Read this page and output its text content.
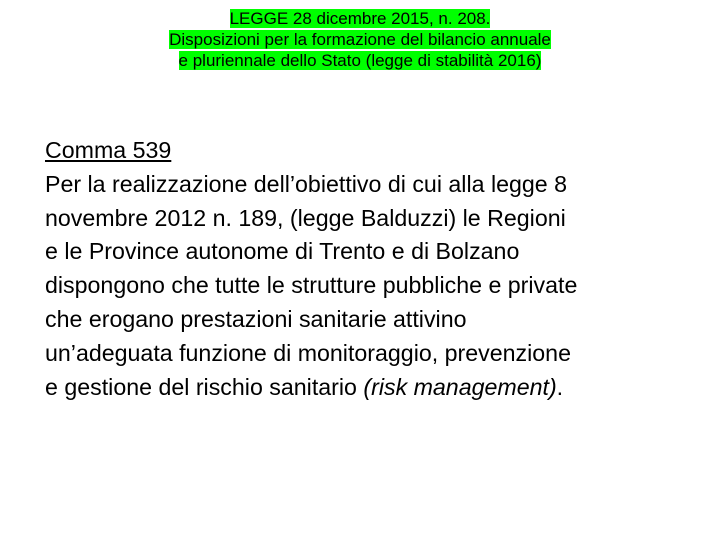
LEGGE 28 dicembre 2015, n. 208.
Disposizioni per la formazione del bilancio annuale
e pluriennale dello Stato (legge di stabilità 2016)
Comma 539
Per la realizzazione dell’obiettivo di cui alla legge 8
novembre 2012 n. 189, (legge Balduzzi) le Regioni
e le Province autonome di Trento e di Bolzano
dispongono che tutte le strutture pubbliche e private
che erogano prestazioni sanitarie attivino
un’adeguata funzione di monitoraggio, prevenzione
e gestione del rischio sanitario (risk management).
